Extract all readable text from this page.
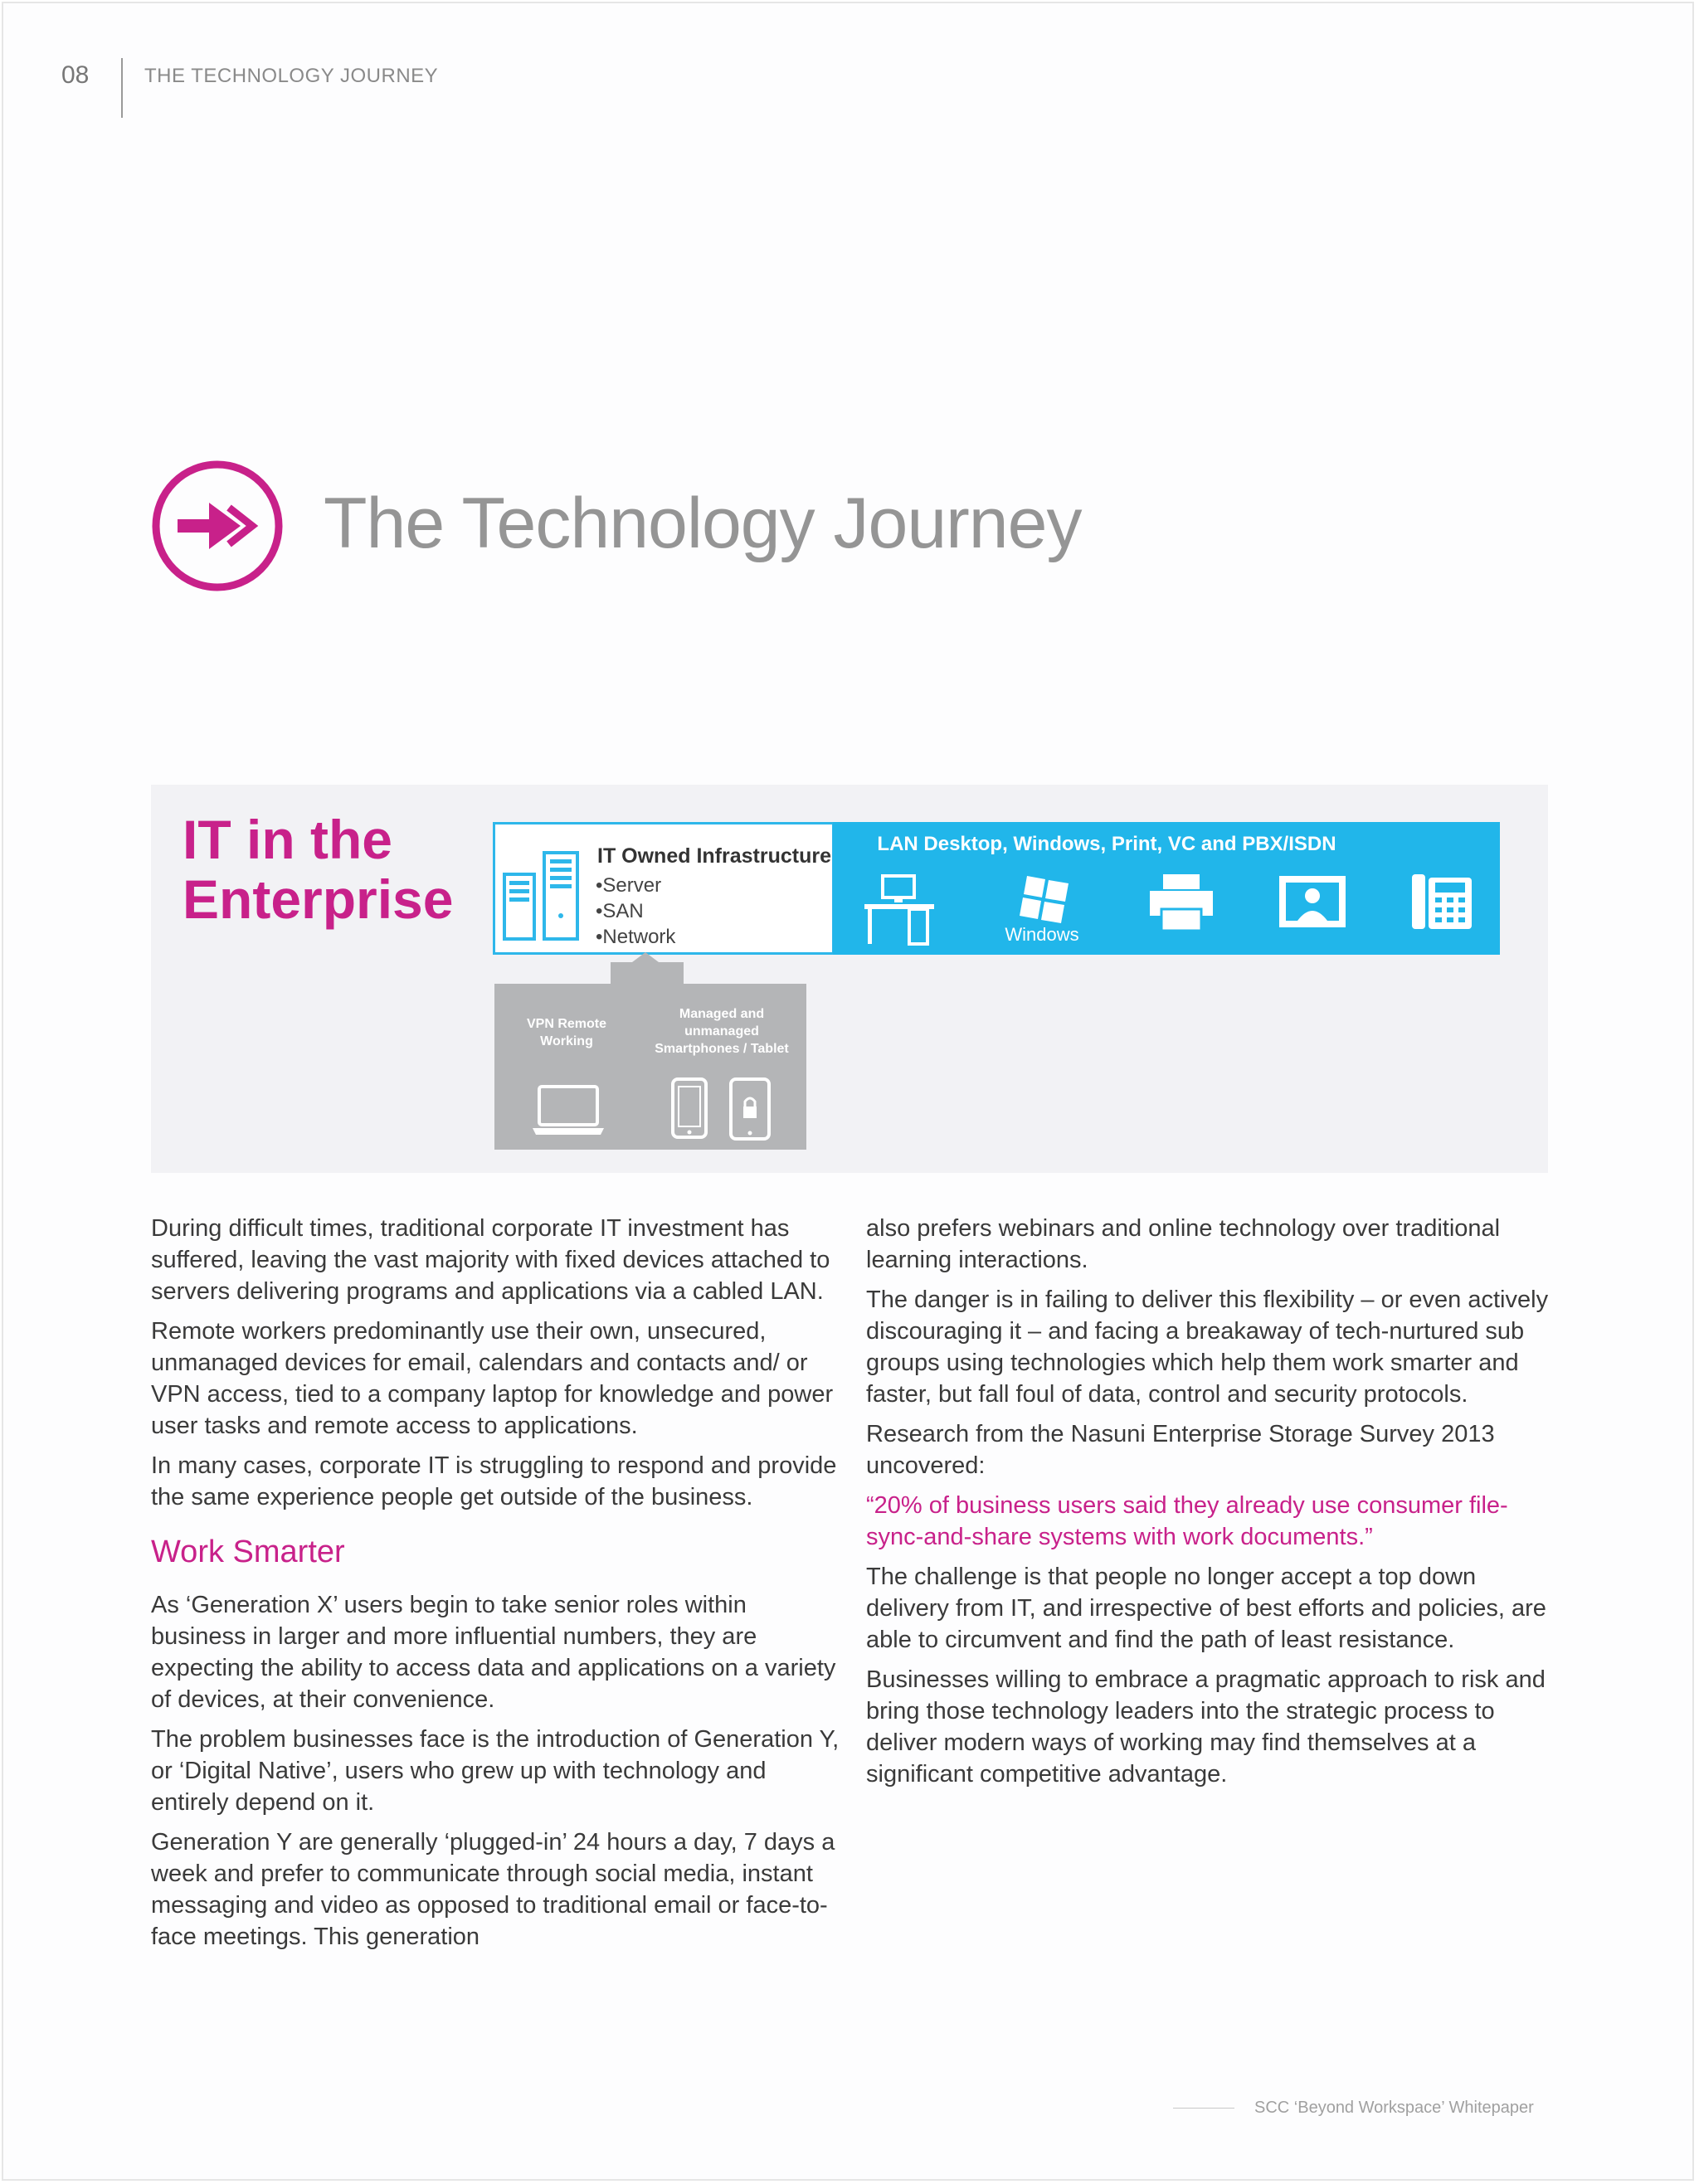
08	THE TECHNOLOGY JOURNEY
The Technology Journey
IT in the
Enterprise
IT Owned Infrastructure
• Server
• SAN
• Network
LAN Desktop, Windows, Print, VC and PBX/ISDN
Windows
VPN Remote
Working
Managed and
unmanaged
Smartphones / Tablet

During difficult times, traditional corporate IT investment has suffered, leaving the vast majority with fixed devices attached to servers delivering programs and applications via a cabled LAN.

Remote workers predominantly use their own, unsecured, unmanaged devices for email, calendars and contacts and/ or VPN access, tied to a company laptop for knowledge and power user tasks and remote access to applications.

In many cases, corporate IT is struggling to respond and provide the same experience people get outside of the business.

Work Smarter

As ‘Generation X’ users begin to take senior roles within business in larger and more influential numbers, they are expecting the ability to access data and applications on a variety of devices, at their convenience.

The problem businesses face is the introduction of Generation Y, or ‘Digital Native’, users who grew up with technology and entirely depend on it.

Generation Y are generally ‘plugged-in’ 24 hours a day, 7 days a week and prefer to communicate through social media, instant messaging and video as opposed to traditional email or face-to-face meetings. This generation

also prefers webinars and online technology over traditional learning interactions.

The danger is in failing to deliver this flexibility – or even actively discouraging it – and facing a breakaway of tech-nurtured sub groups using technologies which help them work smarter and faster, but fall foul of data, control and security protocols.

Research from the Nasuni Enterprise Storage Survey 2013 uncovered:

“20% of business users said they already use consumer file-sync-and-share systems with work documents.”

The challenge is that people no longer accept a top down delivery from IT, and irrespective of best efforts and policies, are able to circumvent and find the path of least resistance.

Businesses willing to embrace a pragmatic approach to risk and bring those technology leaders into the strategic process to deliver modern ways of working may find themselves at a significant competitive advantage.

SCC ‘Beyond Workspace’ Whitepaper
